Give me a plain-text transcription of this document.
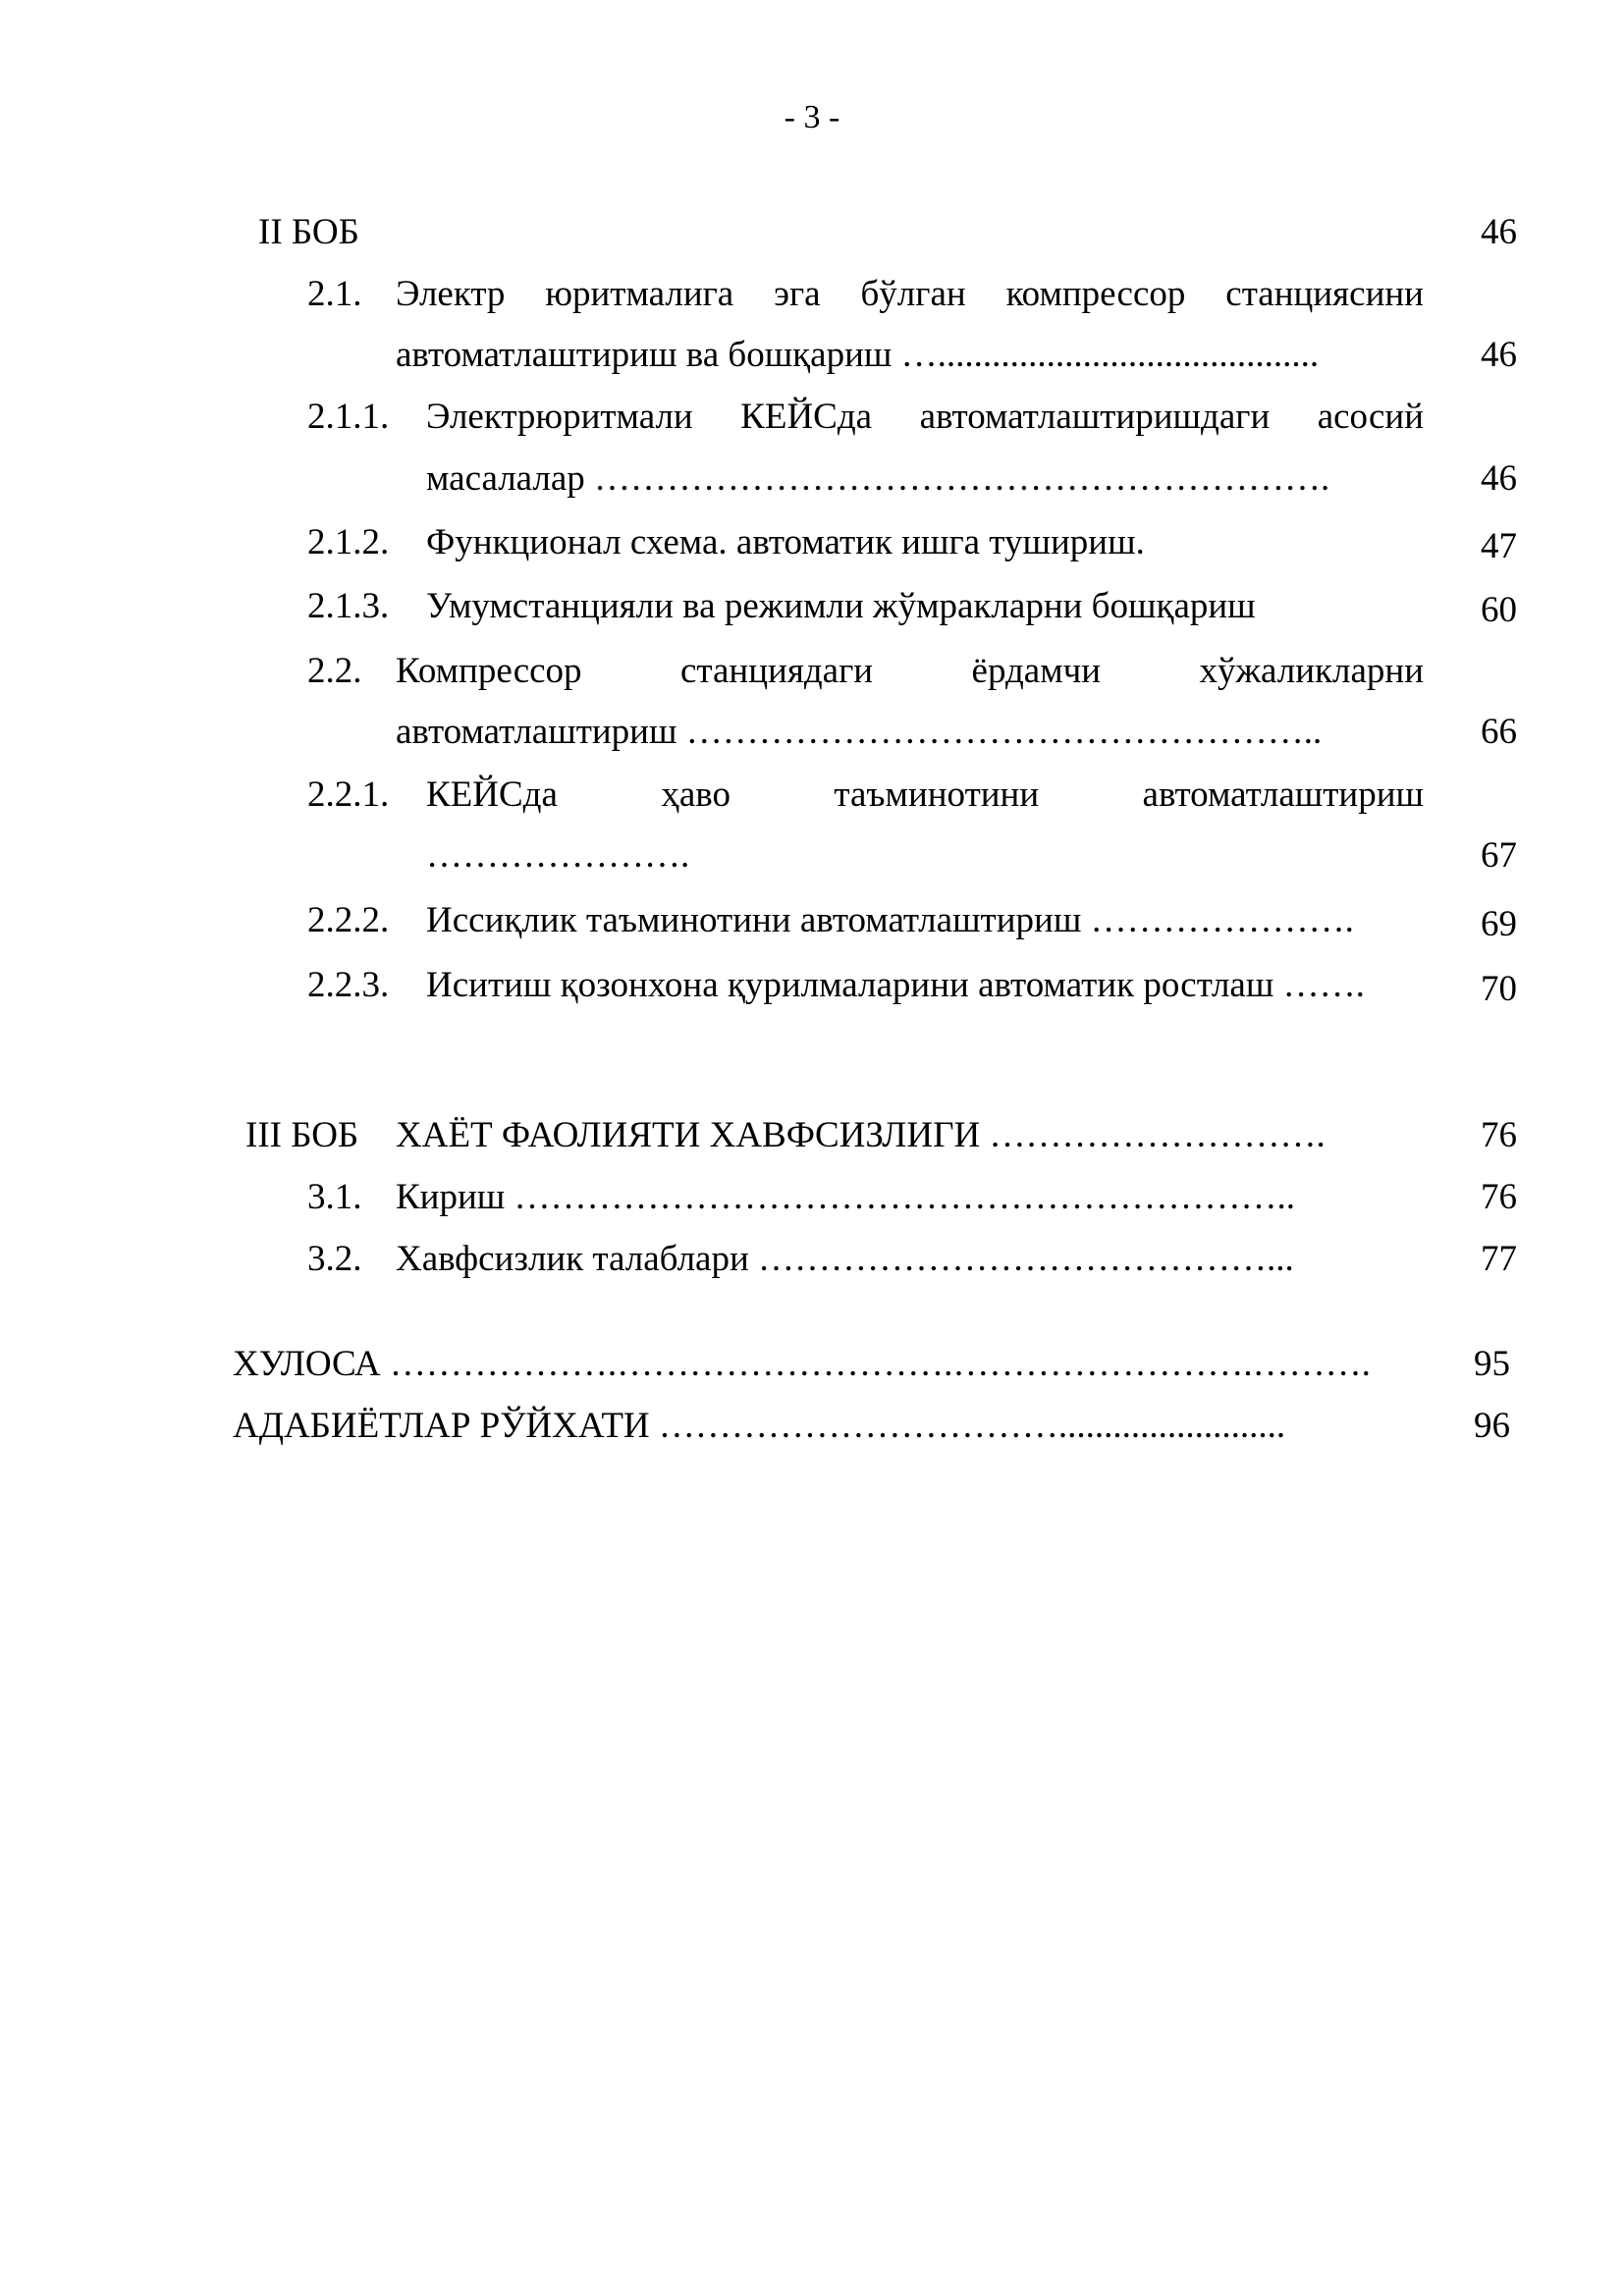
- 3 -
II БОБ	46
2.1. Электр юритмалига эга бўлган компрессор станциясини
автоматлаштириш ва бошқариш …..........................................	46
2.1.1. Электрюритмали КЕЙСда автоматлаштиришдаги асосий
масалалар …………………………………………………….	46
2.1.2. Функционал схема. автоматик ишга тушириш.	47
2.1.3. Умумстанцияли ва режимли жўмракларни бошқариш	60
2.2. Компрессор	станциядаги	ёрдамчи	хўжаликларни
автоматлаштириш ……………………………………………..	66
2.2.1. КЕЙСда	ҳаво	таъминотини	автоматлаштириш
………………….	67
2.2.2. Иссиқлик таъминотини автоматлаштириш ………………….	69
2.2.3. Иситиш қозонхона қурилмаларини автоматик ростлаш …….	70
III БОБ ХАЁТ ФАОЛИЯТИ ХАВФСИЗЛИГИ ……………………….	76
3.1. Кириш ………………………………………………………..	76
3.2. Хавфсизлик талаблари ……………………………………...	77
ХУЛОСА ……………….……………………….…………………….……….	95
АДАБИЁТЛАР РЎЙХАТИ …………………………….........................	96
